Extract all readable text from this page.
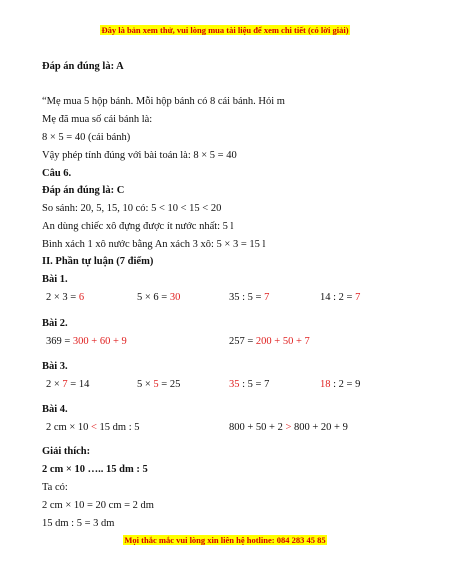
Đây là bản xem thử, vui lòng mua tài liệu để xem chi tiết (có lời giải)
Đáp án đúng là: A
“Mẹ mua 5 hộp bánh. Mỗi hộp bánh có 8 cái bánh. Hỏi m
Mẹ đã mua số cái bánh là:
8 × 5 = 40 (cái bánh)
Vậy phép tính đúng với bài toán là: 8 × 5 = 40
Câu 6.
Đáp án đúng là: C
So sánh: 20, 5, 15, 10 có: 5 < 10 < 15 < 20
An dùng chiếc xô đựng được ít nước nhất: 5 l
Bình xách 1 xô nước bằng An xách 3 xô: 5 × 3 = 15 l
II. Phần tự luận (7 điểm)
Bài 1.
2 × 3 = 6	5 × 6 = 30	35 : 5 = 7	14 : 2 = 7
Bài 2.
369 = 300 + 60 + 9	257 = 200 + 50 + 7
Bài 3.
2 × 7 = 14	5 × 5 = 25	35 : 5 = 7	18 : 2 = 9
Bài 4.
2 cm × 10 < 15 dm : 5	800 + 50 + 2 > 800 + 20 + 9
Giải thích:
2 cm × 10 ….. 15 dm : 5
Ta có:
2 cm × 10 = 20 cm = 2 dm
15 dm : 5 = 3 dm
Mọi thắc mắc vui lòng xin liên hệ hotline: 084 283 45 85
